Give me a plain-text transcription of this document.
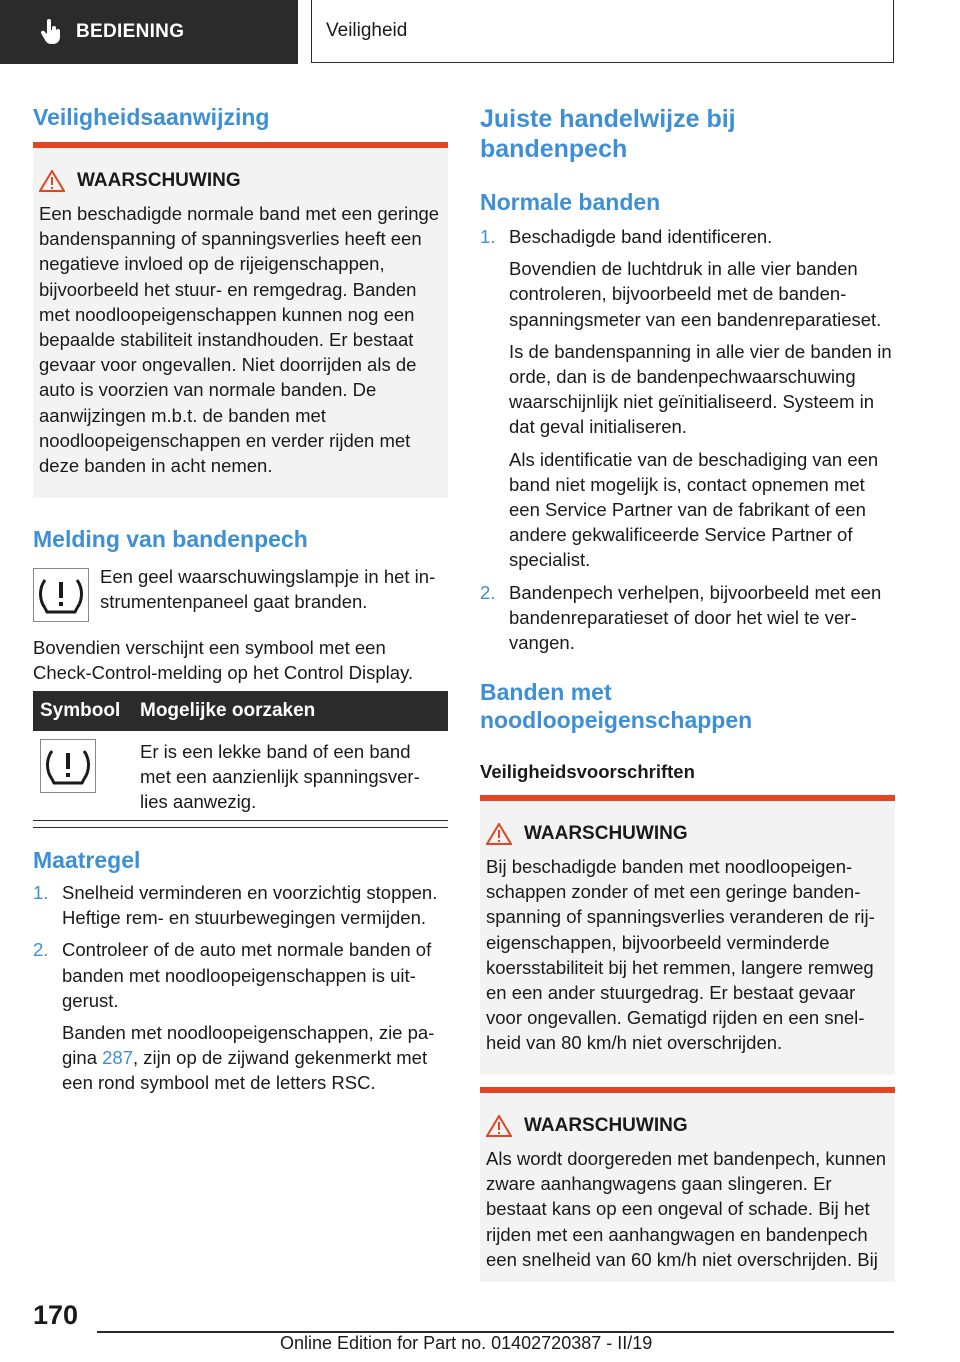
BEDIENING	Veiligheid
Veiligheidsaanwijzing
WAARSCHUWING

Een beschadigde normale band met een geringe bandenspanning of spanningsverlies heeft een negatieve invloed op de rijeigenschappen, bijvoorbeeld het stuur- en remgedrag. Banden met noodloopeigenschappen kunnen nog een bepaalde stabiliteit instandhouden. Er bestaat gevaar voor ongevallen. Niet doorrijden als de auto is voorzien van normale banden. De aanwijzingen m.b.t. de banden met noodloopeigenschappen en verder rijden met deze banden in acht nemen.

Melding van bandenpech
Een geel waarschuwingslampje in het instrumentenpaneel gaat branden.
Bovendien verschijnt een symbool met een Check-Control-melding op het Control Display.
Symbool	Mogelijke oorzaken
	Er is een lekke band of een band met een aanzienlijk spanningsverlies aanwezig.
Maatregel
1. Snelheid verminderen en voorzichtig stoppen. Heftige rem- en stuurbewegingen vermijden.

2. Controleer of de auto met normale banden of banden met noodloopeigenschappen is uitgerust.

Banden met noodloopeigenschappen, zie pagina 287, zijn op de zijwand gekenmerkt met een rond symbool met de letters RSC.

Juiste handelwijze bij bandenpech
Normale banden
1. Beschadigde band identificeren.

Bovendien de luchtdruk in alle vier banden controleren, bijvoorbeeld met de bandenspanningsmeter van een bandenreparatieset.

Is de bandenspanning in alle vier de banden in orde, dan is de bandenpechwaarschuwing waarschijnlijk niet geïnitialiseerd. Systeem in dat geval initialiseren.

Als identificatie van de beschadiging van een band niet mogelijk is, contact opnemen met een Service Partner van de fabrikant of een andere gekwalificeerde Service Partner of specialist.

2. Bandenpech verhelpen, bijvoorbeeld met een bandenreparatieset of door het wiel te vervangen.

Banden met noodloopeigenschappen
Veiligheidsvoorschriften
WAARSCHUWING

Bij beschadigde banden met noodloopeigenschappen zonder of met een geringe bandenspanning of spanningsverlies veranderen de rijeigenschappen, bijvoorbeeld verminderde koersstabiliteit bij het remmen, langere remweg en een ander stuurgedrag. Er bestaat gevaar voor ongevallen. Gematigd rijden en een snelheid van 80 km/h niet overschrijden.

WAARSCHUWING

Als wordt doorgereden met bandenpech, kunnen zware aanhangwagens gaan slingeren. Er bestaat kans op een ongeval of schade. Bij het rijden met een aanhangwagen en bandenpech een snelheid van 60 km/h niet overschrijden. Bij

170
Online Edition for Part no. 01402720387 - II/19
